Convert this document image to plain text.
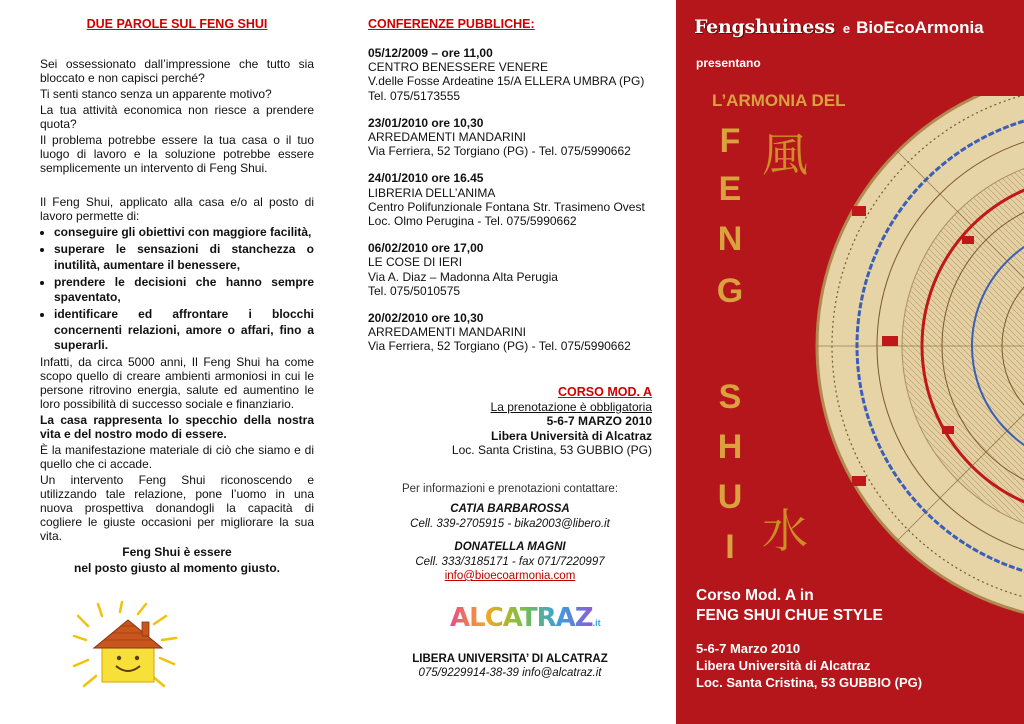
DUE PAROLE SUL FENG SHUI

Sei ossessionato dall’impressione che tutto sia bloccato e non capisci perché?

Ti senti stanco senza un apparente motivo?

La tua attività economica non riesce a prendere quota?

Il problema potrebbe essere la tua casa o il tuo luogo di lavoro e la soluzione potrebbe essere semplicemente un intervento di Feng Shui.

Il Feng Shui, applicato alla casa e/o al posto di lavoro permette di:

• conseguire gli obiettivi con maggiore facilità,
• superare le sensazioni di stanchezza o inutilità, aumentare il benessere,
• prendere le decisioni che hanno sempre spaventato,
• identificare ed affrontare i blocchi concernenti relazioni, amore o affari, fino a superarli.

Infatti, da circa 5000 anni, Il Feng Shui ha come scopo quello di creare ambienti armoniosi in cui le persone ritrovino energia, salute ed aumentino le loro possibilità di successo sociale e finanziario.

La casa rappresenta lo specchio della nostra vita e del nostro modo di essere.

È la manifestazione materiale di ciò che siamo e di quello che ci accade.

Un intervento Feng Shui riconoscendo e utilizzando tale relazione, pone l’uomo in una nuova prospettiva donandogli la capacità di cogliere le giuste occasioni per migliorare la sua vita.

Feng Shui è essere

nel posto giusto al momento giusto.

CONFERENZE PUBBLICHE:

05/12/2009 – ore 11,00

CENTRO BENESSERE VENERE

V.delle Fosse Ardeatine 15/A ELLERA UMBRA (PG)

Tel. 075/5173555

23/01/2010 ore 10,30

ARREDAMENTI MANDARINI

Via Ferriera, 52 Torgiano (PG) - Tel. 075/5990662

24/01/2010 ore 16.45

LIBRERIA DELL’ANIMA

Centro Polifunzionale Fontana Str. Trasimeno Ovest

Loc. Olmo Perugina - Tel. 075/5990662

06/02/2010 ore 17,00

LE COSE DI IERI

Via A. Diaz – Madonna Alta Perugia

Tel. 075/5010575

20/02/2010 ore 10,30

ARREDAMENTI MANDARINI

Via Ferriera, 52 Torgiano (PG) - Tel. 075/5990662

CORSO MOD. A

La prenotazione è obbligatoria

5-6-7 MARZO 2010

Libera Università di Alcatraz

Loc. Santa Cristina, 53 GUBBIO (PG)

Per informazioni e prenotazioni contattare:

CATIA BARBAROSSA

Cell. 339-2705915 - bika2003@libero.it

DONATELLA MAGNI

Cell. 333/3185171 - fax 071/7220997

info@bioecoarmonia.com

ALCATRAZ.it

LIBERA UNIVERSITA’ DI ALCATRAZ

075/9229914-38-39 info@alcatraz.it

Fengshuiness e BioEcoArmonia
presentano
L’ARMONIA DEL
F
E
N
G
S
H
U
I
風
水
Corso Mod. A in
FENG SHUI CHUE STYLE
5-6-7 Marzo 2010
Libera Università di Alcatraz
Loc. Santa Cristina, 53 GUBBIO (PG)
